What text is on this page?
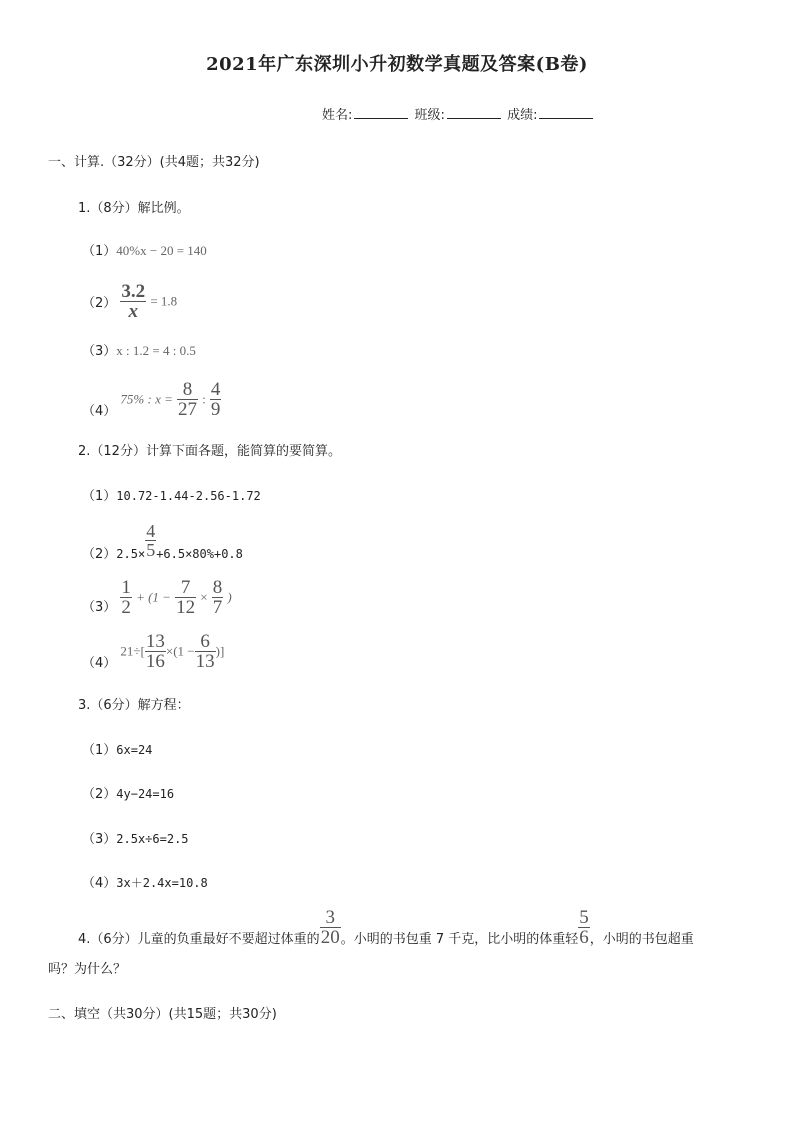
2021年广东深圳小升初数学真题及答案(B卷)
姓名:	班级:	成绩:
一、计算.（32分）(共4题；共32分)
1.（8分）解比例。
（1）40%x − 20 = 140
$(2) \frac{3.2}{x} = 1.8$
（3）x : 1.2 = 4 : 0.5
（4） 75% : $x = \frac{8}{27}$ : $\frac{4}{9}$
2.（12分）计算下面各题，能简算的要简算。
（1）10.72-1.44-2.56-1.72
$(2)2.5\times \frac{4}{5} +6.5\times 80\%+0.8$
$(3) \frac{1}{2} + (1 - \frac{7}{12} \times \frac{8}{7}$ )
（4） $21\div[ \frac{13}{16} \times(1 - \frac{6}{13}$ )]
3.（6分）解方程：
（1）6x=24
（2）4y−24=16
（3）2.5x÷6=2.5
（4）3x＋2.4x=10.8
4.（6分）儿童的负重最好不要超过体重的 $\frac{3}{20}$ 。小明的书包重 7 千克，比小明的体重轻 $\frac{5}{6}$ ，小明的书包超重
吗？为什么？
二、填空（共30分）(共15题；共30分)
